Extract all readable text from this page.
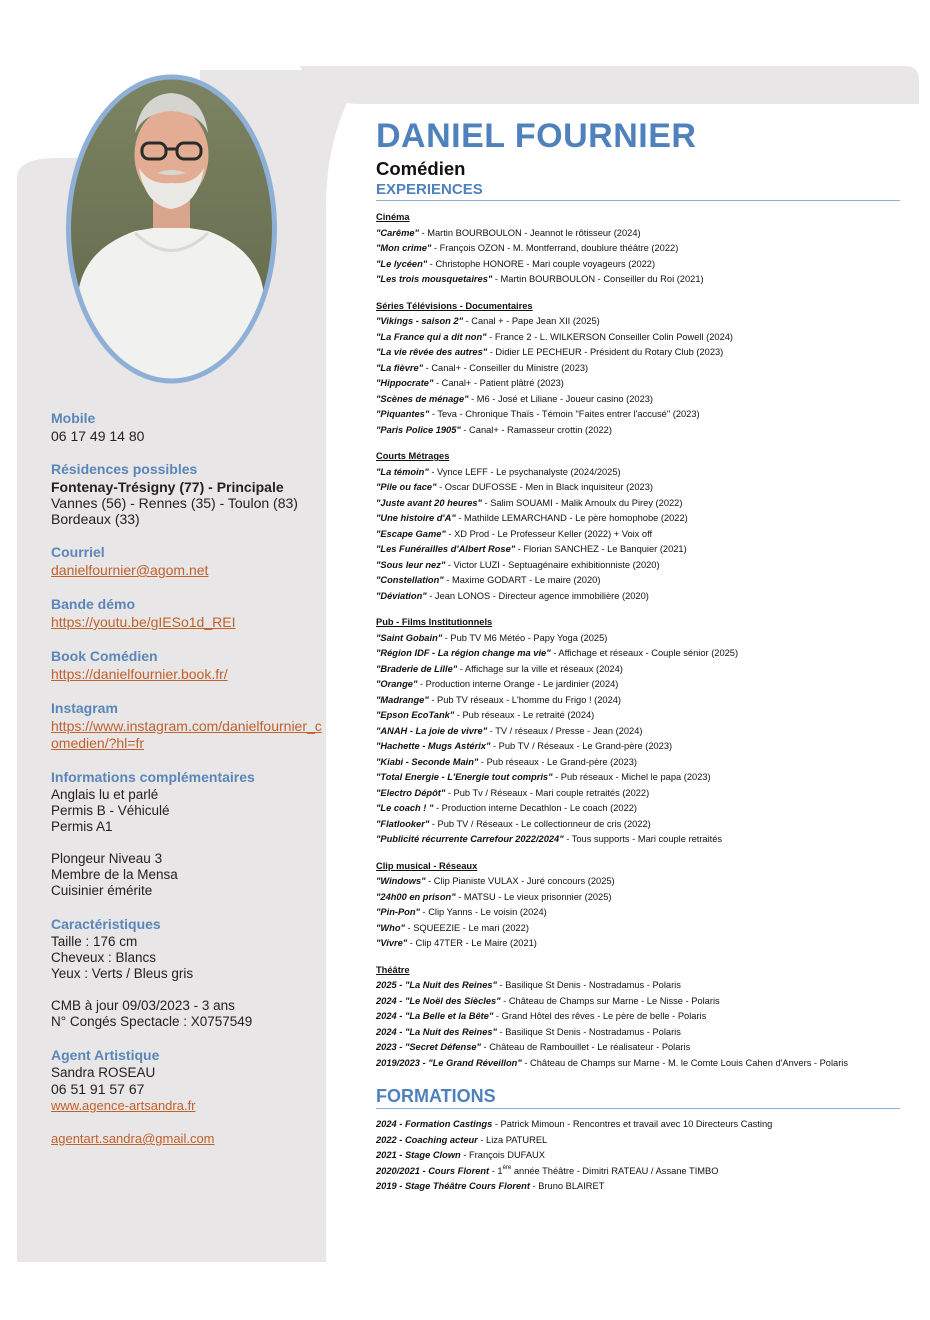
Mobile
06 17 49 14 80
Résidences possibles
Fontenay-Trésigny (77) - Principale
Vannes (56) - Rennes (35) - Toulon (83)
Bordeaux (33)
Courriel
danielfournier@agom.net
Bande démo
https://youtu.be/gIESo1d_REI
Book Comédien
https://danielfournier.book.fr/
Instagram
https://www.instagram.com/danielfournier_comedien/?hl=fr
Informations complémentaires
Anglais lu et parlé
Permis B - Véhiculé
Permis A1
Plongeur Niveau 3
Membre de la Mensa
Cuisinier émérite
Caractéristiques
Taille : 176 cm
Cheveux : Blancs
Yeux : Verts / Bleus gris
CMB à jour 09/03/2023 - 3 ans
N° Congés Spectacle : X0757549
Agent Artistique
Sandra ROSEAU
06 51 91 57 67
www.agence-artsandra.fr
agentart.sandra@gmail.com
DANIEL FOURNIER
Comédien
EXPERIENCES
Cinéma
"Carême" - Martin BOURBOULON - Jeannot le rôtisseur (2024)
"Mon crime" - François OZON - M. Montferrand, doublure théâtre (2022)
"Le lycéen" - Christophe HONORE - Mari couple voyageurs (2022)
"Les trois mousquetaires" - Martin BOURBOULON - Conseiller du Roi (2021)
Séries Télévisions - Documentaires
"Vikings - saison 2" - Canal + - Pape Jean XII (2025)
"La France qui a dit non" - France 2 - L. WILKERSON Conseiller Colin Powell (2024)
"La vie rêvée des autres" - Didier LE PECHEUR - Président du Rotary Club (2023)
"La fièvre" - Canal+ - Conseiller du Ministre (2023)
"Hippocrate" - Canal+ - Patient plâtré (2023)
"Scènes de ménage" - M6 - José et Liliane - Joueur casino (2023)
"Piquantes" - Teva - Chronique Thaïs - Témoin "Faites entrer l'accusé" (2023)
"Paris Police 1905" - Canal+ - Ramasseur crottin (2022)
Courts Métrages
"La témoin" - Vynce LEFF - Le psychanalyste (2024/2025)
"Pile ou face" - Oscar DUFOSSE - Men in Black inquisiteur (2023)
"Juste avant 20 heures" - Salim SOUAMI - Malik Arnoulx du Pirey (2022)
"Une histoire d'A" - Mathilde LEMARCHAND - Le père homophobe (2022)
"Escape Game" - XD Prod - Le Professeur Keller (2022) + Voix off
"Les Funérailles d'Albert Rose" - Florian SANCHEZ - Le Banquier (2021)
"Sous leur nez" - Victor LUZI - Septuagénaire exhibitionniste (2020)
"Constellation" - Maxime GODART - Le maire (2020)
"Déviation" - Jean LONOS - Directeur agence immobilière (2020)
Pub - Films Institutionnels
"Saint Gobain" - Pub TV M6 Météo - Papy Yoga (2025)
"Région IDF - La région change ma vie" - Affichage et réseaux - Couple sénior (2025)
"Braderie de Lille" - Affichage sur la ville et réseaux (2024)
"Orange" - Production interne Orange - Le jardinier (2024)
"Madrange" - Pub TV réseaux - L'homme du Frigo ! (2024)
"Epson EcoTank" - Pub réseaux - Le retraité (2024)
"ANAH - La joie de vivre" - TV / réseaux / Presse - Jean (2024)
"Hachette - Mugs Astérix" - Pub TV / Réseaux - Le Grand-père (2023)
"Kiabi - Seconde Main" - Pub réseaux - Le Grand-père (2023)
"Total Energie - L'Energie tout compris" - Pub réseaux - Michel le papa (2023)
"Electro Dépôt" - Pub Tv / Réseaux - Mari couple retraités (2022)
"Le coach ! " - Production interne Decathlon - Le coach (2022)
"Flatlooker" - Pub TV / Réseaux - Le collectionneur de cris (2022)
"Publicité récurrente Carrefour 2022/2024" - Tous supports - Mari couple retraités
Clip musical - Réseaux
"Windows" - Clip Pianiste VULAX - Juré concours (2025)
"24h00 en prison" - MATSU - Le vieux prisonnier (2025)
"Pin-Pon" - Clip Yanns - Le voisin (2024)
"Who" - SQUEEZIE - Le mari (2022)
"Vivre" - Clip 47TER - Le Maire (2021)
Théâtre
2025 - "La Nuit des Reines" - Basilique St Denis - Nostradamus - Polaris
2024 - "Le Noël des Siècles" - Château de Champs sur Marne - Le Nisse - Polaris
2024 - "La Belle et la Bête" - Grand Hôtel des rêves - Le père de belle - Polaris
2024 - "La Nuit des Reines" - Basilique St Denis - Nostradamus - Polaris
2023 - "Secret Défense" - Château de Rambouillet - Le réalisateur - Polaris
2019/2023 - "Le Grand Réveillon" - Château de Champs sur Marne - M. le Comte Louis Cahen d'Anvers - Polaris
FORMATIONS
2024 - Formation Castings - Patrick Mimoun - Rencontres et travail avec 10 Directeurs Casting
2022 - Coaching acteur - Liza PATUREL
2021 - Stage Clown - François DUFAUX
2020/2021 - Cours Florent - 1ère année Théâtre - Dimitri RATEAU / Assane TIMBO
2019 - Stage Théâtre Cours Florent - Bruno BLAIRET
